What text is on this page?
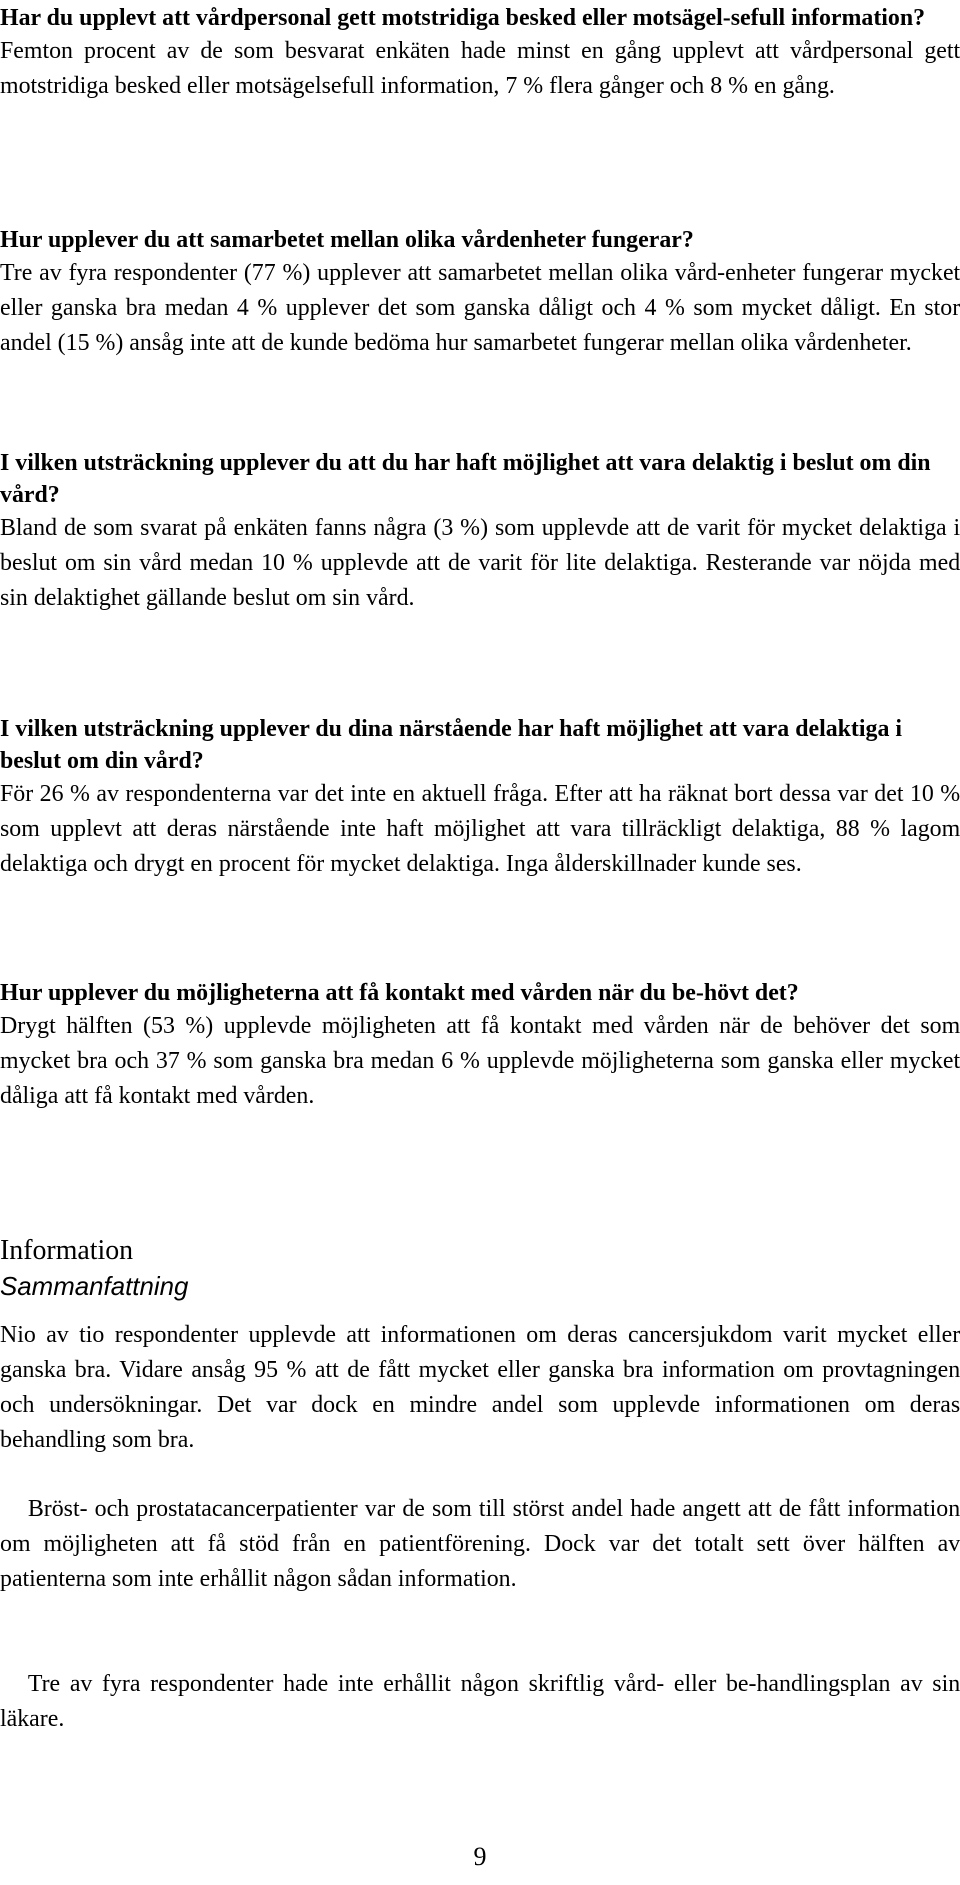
Har du upplevt att vårdpersonal gett motstridiga besked eller motsägel-sefull information?

Femton procent av de som besvarat enkäten hade minst en gång upplevt att vårdpersonal gett motstridiga besked eller motsägelsefull information, 7 % flera gånger och 8 % en gång.

Hur upplever du att samarbetet mellan olika vårdenheter fungerar?

Tre av fyra respondenter (77 %) upplever att samarbetet mellan olika vård-enheter fungerar mycket eller ganska bra medan 4 % upplever det som ganska dåligt och 4 % som mycket dåligt. En stor andel (15 %) ansåg inte att de kunde bedöma hur samarbetet fungerar mellan olika vårdenheter.

I vilken utsträckning upplever du att du har haft möjlighet att vara delaktig i beslut om din vård?

Bland de som svarat på enkäten fanns några (3 %) som upplevde att de varit för mycket delaktiga i beslut om sin vård medan 10 % upplevde att de varit för lite delaktiga. Resterande var nöjda med sin delaktighet gällande beslut om sin vård.

I vilken utsträckning upplever du dina närstående har haft möjlighet att vara delaktiga i beslut om din vård?

För 26 % av respondenterna var det inte en aktuell fråga. Efter att ha räknat bort dessa var det 10 % som upplevt att deras närstående inte haft möjlighet att vara tillräckligt delaktiga, 88 % lagom delaktiga och drygt en procent för mycket delaktiga. Inga ålderskillnader kunde ses.

Hur upplever du möjligheterna att få kontakt med vården när du be-hövt det?

Drygt hälften (53 %) upplevde möjligheten att få kontakt med vården när de behöver det som mycket bra och 37 % som ganska bra medan 6 % upplevde möjligheterna som ganska eller mycket dåliga att få kontakt med vården.

Information
Sammanfattning

Nio av tio respondenter upplevde att informationen om deras cancersjukdom varit mycket eller ganska bra. Vidare ansåg 95 % att de fått mycket eller ganska bra information om provtagningen och undersökningar. Det var dock en mindre andel som upplevde informationen om deras behandling som bra.

Bröst- och prostatacancerpatienter var de som till störst andel hade angett att de fått information om möjligheten att få stöd från en patientförening. Dock var det totalt sett över hälften av patienterna som inte erhållit någon sådan information.

Tre av fyra respondenter hade inte erhållit någon skriftlig vård- eller be-handlingsplan av sin läkare.

9
